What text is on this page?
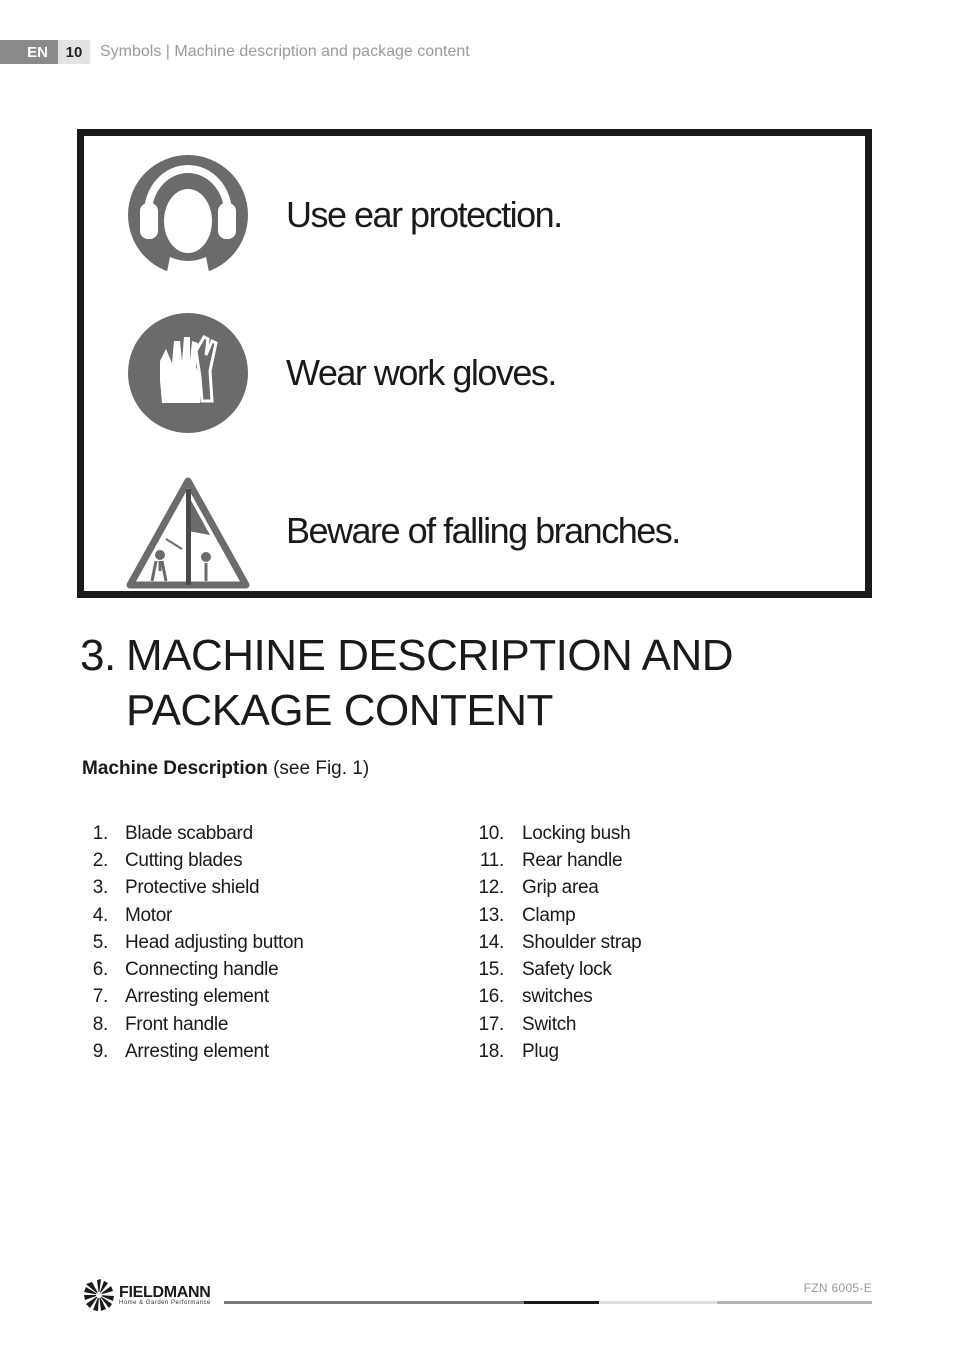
EN	10	Symbols | Machine description and package content
Use ear protection.
Wear work gloves.
Beware of falling branches.
3. MACHINE DESCRIPTION AND
PACKAGE CONTENT
Machine Description (see Fig. 1)
1. Blade scabbard
2. Cutting blades
3. Protective shield
4. Motor
5. Head adjusting button
6. Connecting handle
7. Arresting element
8. Front handle
9. Arresting element
10. Locking bush
11. Rear handle
12. Grip area
13. Clamp
14. Shoulder strap
15. Safety lock
16. switches
17. Switch
18. Plug
FIELDMANN
Home & Garden Performance
FZN 6005-E
